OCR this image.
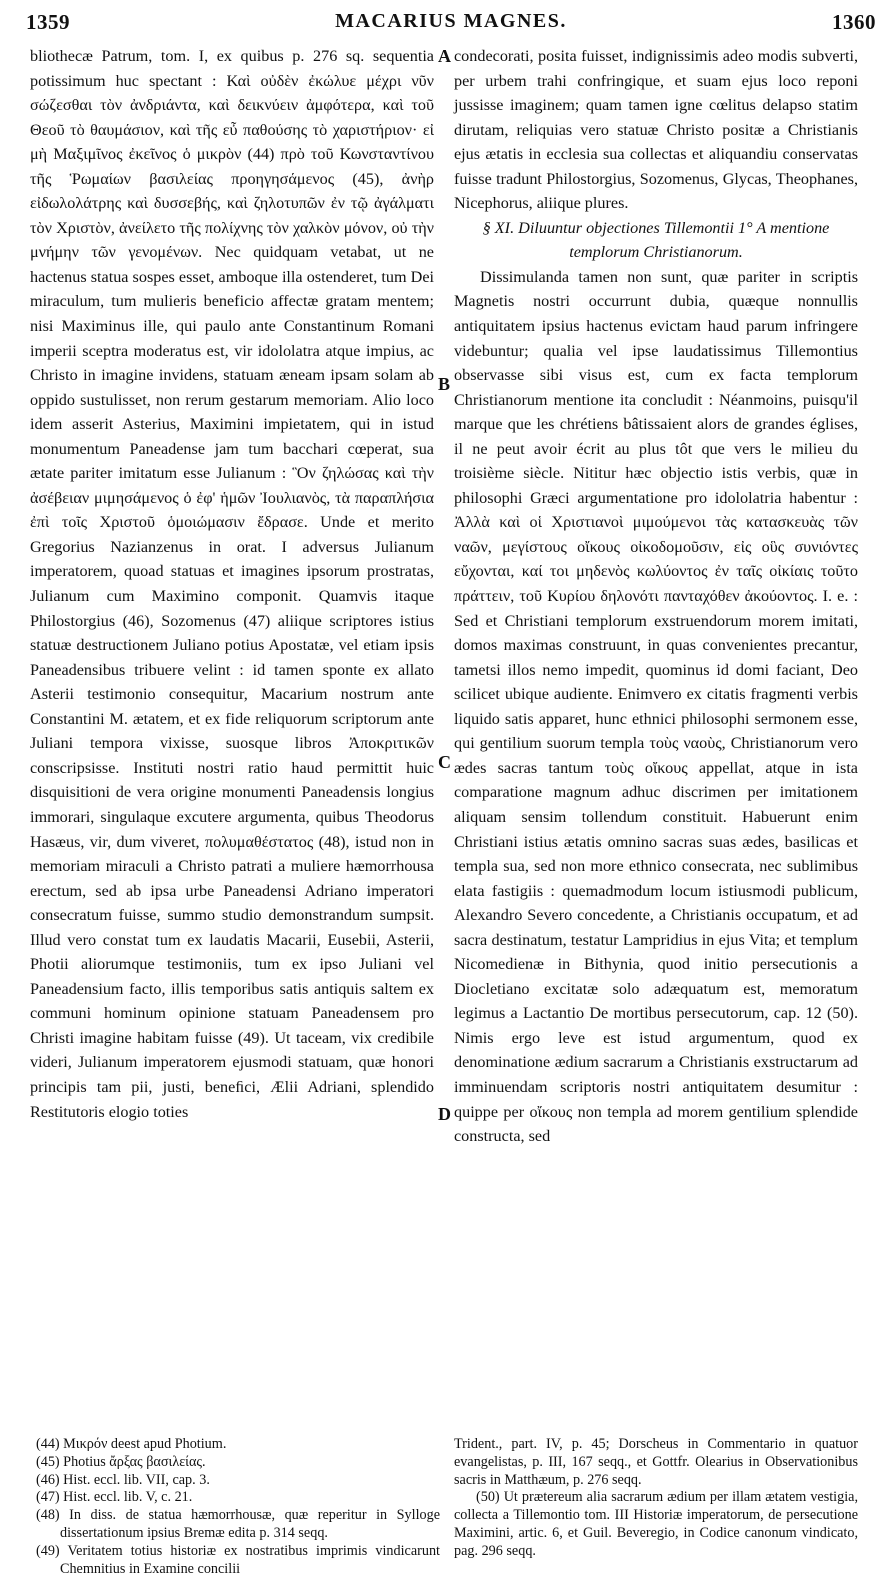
1359	MACARIUS MAGNES.	1360
A
B
C
D

bliothecæ Patrum, tom. I, ex quibus p. 276 sq. sequentia potissimum huc spectant : Καὶ οὐδὲν ἐκώλυε μέχρι νῦν σώζεσθαι τὸν ἀνδριάντα, καὶ δεικνύειν ἀμφότερα, καὶ τοῦ Θεοῦ τὸ θαυμάσιον, καὶ τῆς εὖ παθούσης τὸ χαριστήριον· εἰ μὴ Μαξιμῖνος ἐκεῖνος ὁ μικρὸν (44) πρὸ τοῦ Κωνσταντίνου τῆς Ῥωμαίων βασιλείας προηγησάμενος (45), ἀνὴρ εἰδωλολάτρης καὶ δυσσεβής, καὶ ζηλοτυπῶν ἐν τῷ ἀγάλματι τὸν Χριστὸν, ἀνείλετο τῆς πολίχνης τὸν χαλκὸν μόνον, οὐ τὴν μνήμην τῶν γενομένων. Nec quidquam vetabat, ut ne hactenus statua sospes esset, amboque illa ostenderet, tum Dei miraculum, tum mulieris beneficio affectæ gratam mentem; nisi Maximinus ille, qui paulo ante Constantinum Romani imperii sceptra moderatus est, vir idololatra atque impius, ac Christo in imagine invidens, statuam æneam ipsam solam ab oppido sustulisset, non rerum gestarum memoriam. Alio loco idem asserit Asterius, Maximini impietatem, qui in istud monumentum Paneadense jam tum bacchari cœperat, sua ætate pariter imitatum esse Julianum : Ὃν ζηλώσας καὶ τὴν ἀσέβειαν μιμησάμενος ὁ ἐφ' ἡμῶν Ἰουλιανὸς, τὰ παραπλήσια ἐπὶ τοῖς Χριστοῦ ὁμοιώμασιν ἔδρασε. Unde et merito Gregorius Nazianzenus in orat. I adversus Julianum imperatorem, quoad statuas et imagines ipsorum prostratas, Julianum cum Maximino componit. Quamvis itaque Philostorgius (46), Sozomenus (47) aliique scriptores istius statuæ destructionem Juliano potius Apostatæ, vel etiam ipsis Paneadensibus tribuere velint : id tamen sponte ex allato Asterii testimonio consequitur, Macarium nostrum ante Constantini M. ætatem, et ex fide reliquorum scriptorum ante Juliani tempora vixisse, suosque libros Ἀποκριτικῶν conscripsisse. Instituti nostri ratio haud permittit huic disquisitioni de vera origine monumenti Paneadensis longius immorari, singulaque excutere argumenta, quibus Theodorus Hasæus, vir, dum viveret, πολυμαθέστατος (48), istud non in memoriam miraculi a Christo patrati a muliere hæmorrhousa erectum, sed ab ipsa urbe Paneadensi Adriano imperatori consecratum fuisse, summo studio demonstrandum sumpsit. Illud vero constat tum ex laudatis Macarii, Eusebii, Asterii, Photii aliorumque testimoniis, tum ex ipso Juliani vel Paneadensium facto, illis temporibus satis antiquis saltem ex communi hominum opinione statuam Paneadensem pro Christi imagine habitam fuisse (49). Ut taceam, vix credibile videri, Julianum imperatorem ejusmodi statuam, quæ honori principis tam pii, justi, beneﬁci, Ælii Adriani, splendido Restitutoris elogio toties

condecorati, posita fuisset, indignissimis adeo modis subverti, per urbem trahi confringique, et suam ejus loco reponi jussisse imaginem; quam tamen igne cœlitus delapso statim dirutam, reliquias vero statuæ Christo positæ a Christianis ejus ætatis in ecclesia sua collectas et aliquandiu conservatas fuisse tradunt Philostorgius, Sozomenus, Glycas, Theophanes, Nicephorus, aliique plures.

§ XI. Diluuntur objectiones Tillemontii 1° A mentione templorum Christianorum.

Dissimulanda tamen non sunt, quæ pariter in scriptis Magnetis nostri occurrunt dubia, quæque nonnullis antiquitatem ipsius hactenus evictam haud parum infringere videbuntur; qualia vel ipse laudatissimus Tillemontius observasse sibi visus est, cum ex facta templorum Christianorum mentione ita concludit : Néanmoins, puisqu'il marque que les chrétiens bâtissaient alors de grandes églises, il ne peut avoir écrit au plus tôt que vers le milieu du troisième siècle. Nititur hæc objectio istis verbis, quæ in philosophi Græci argumentatione pro idololatria habentur : Ἀλλὰ καὶ οἱ Χριστιανοὶ μιμούμενοι τὰς κατασκευὰς τῶν ναῶν, μεγίστους οἴκους οἰκοδομοῦσιν, εἰς οὓς συνιόντες εὔχονται, καί τοι μηδενὸς κωλύοντος ἐν ταῖς οἰκίαις τοῦτο πράττειν, τοῦ Κυρίου δηλονότι πανταχόθεν ἀκούοντος. I. e. : Sed et Christiani templorum exstruendorum morem imitati, domos maximas construunt, in quas convenientes precantur, tametsi illos nemo impedit, quominus id domi faciant, Deo scilicet ubique audiente. Enimvero ex citatis fragmenti verbis liquido satis apparet, hunc ethnici philosophi sermonem esse, qui gentilium suorum templa τοὺς ναοὺς, Christianorum vero ædes sacras tantum τοὺς οἴκους appellat, atque in ista comparatione magnum adhuc discrimen per imitationem aliquam sensim tollendum constituit. Habuerunt enim Christiani istius ætatis omnino sacras suas ædes, basilicas et templa sua, sed non more ethnico consecrata, nec sublimibus elata fastigiis : quemadmodum locum istiusmodi publicum, Alexandro Severo concedente, a Christianis occupatum, et ad sacra destinatum, testatur Lampridius in ejus Vita; et templum Nicomedienæ in Bithynia, quod initio persecutionis a Diocletiano excitatæ solo adæquatum est, memoratum legimus a Lactantio De mortibus persecutorum, cap. 12 (50). Nimis ergo leve est istud argumentum, quod ex denominatione ædium sacrarum a Christianis exstructarum ad imminuendam scriptoris nostri antiquitatem desumitur : quippe per οἴκους non templa ad morem gentilium splendide constructa, sed

(44) Μικρόν deest apud Photium.

(45) Photius ἄρξας βασιλείας.

(46) Hist. eccl. lib. VII, cap. 3.

(47) Hist. eccl. lib. V, c. 21.

(48) In diss. de statua hæmorrhousæ, quæ reperitur in Sylloge dissertationum ipsius Bremæ edita p. 314 seqq.

(49) Veritatem totius historiæ ex nostratibus imprimis vindicarunt Chemnitius in Examine concilii

Trident., part. IV, p. 45; Dorscheus in Commentario in quatuor evangelistas, p. III, 167 seqq., et Gottfr. Olearius in Observationibus sacris in Matthæum, p. 276 seqq.

(50) Ut prætereum alia sacrarum ædium per illam ætatem vestigia, collecta a Tillemontio tom. III Historiæ imperatorum, de persecutione Maximini, artic. 6, et Guil. Beveregio, in Codice canonum vindicato, pag. 296 seqq.
